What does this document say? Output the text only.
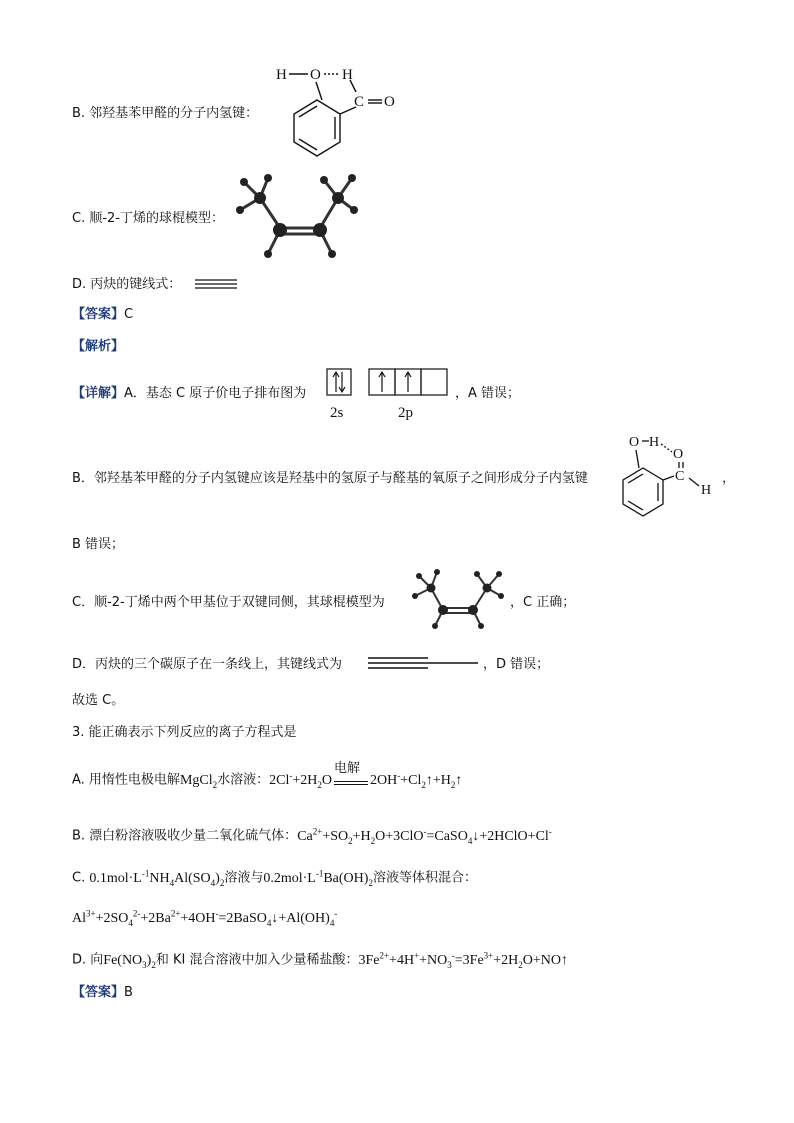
B. 邻羟基苯甲醛的分子内氢键：
H O H
C O
C. 顺-2-丁烯的球棍模型：
D. 丙炔的键线式：
【答案】C
【解析】
【详解】A．基态 C 原子价电子排布图为
2s	2p
，A 错误；
B．邻羟基苯甲醛的分子内氢键应该是羟基中的氢原子与醛基的氧原子之间形成分子内氢键
O H
O
C
H
，
B 错误；
C．顺-2-丁烯中两个甲基位于双键同侧，其球棍模型为	，C 正确；
D．丙炔的三个碳原子在一条线上，其键线式为	，D 错误；
故选 C。
3. 能正确表示下列反应的离子方程式是
A. 用惰性电极电解MgCl$_2$水溶液：$2Cl^-+2H_2O$
电解
$2OH^-+Cl_2↑+H_2↑$
B. 漂白粉溶液吸收少量二氧化硫气体：$Ca^{2+}+SO_2+H_2O+3ClO^-=CaSO_4↓+2HClO+Cl^-$
C. $0.1mol\cdot L^{-1}NH_4Al(SO_4)_2$溶液与$0.2mol\cdot L^{-1}Ba(OH)_2$溶液等体积混合：
$Al^{3+}+2SO_4^{2-}+2Ba^{2+}+4OH^-=2BaSO_4↓+Al(OH)_4^-$
D. 向$Fe(NO_3)_2$和 KI 混合溶液中加入少量稀盐酸：$3Fe^{2+}+4H^++NO_3^-=3Fe^{3+}+2H_2O+NO↑$
【答案】B
